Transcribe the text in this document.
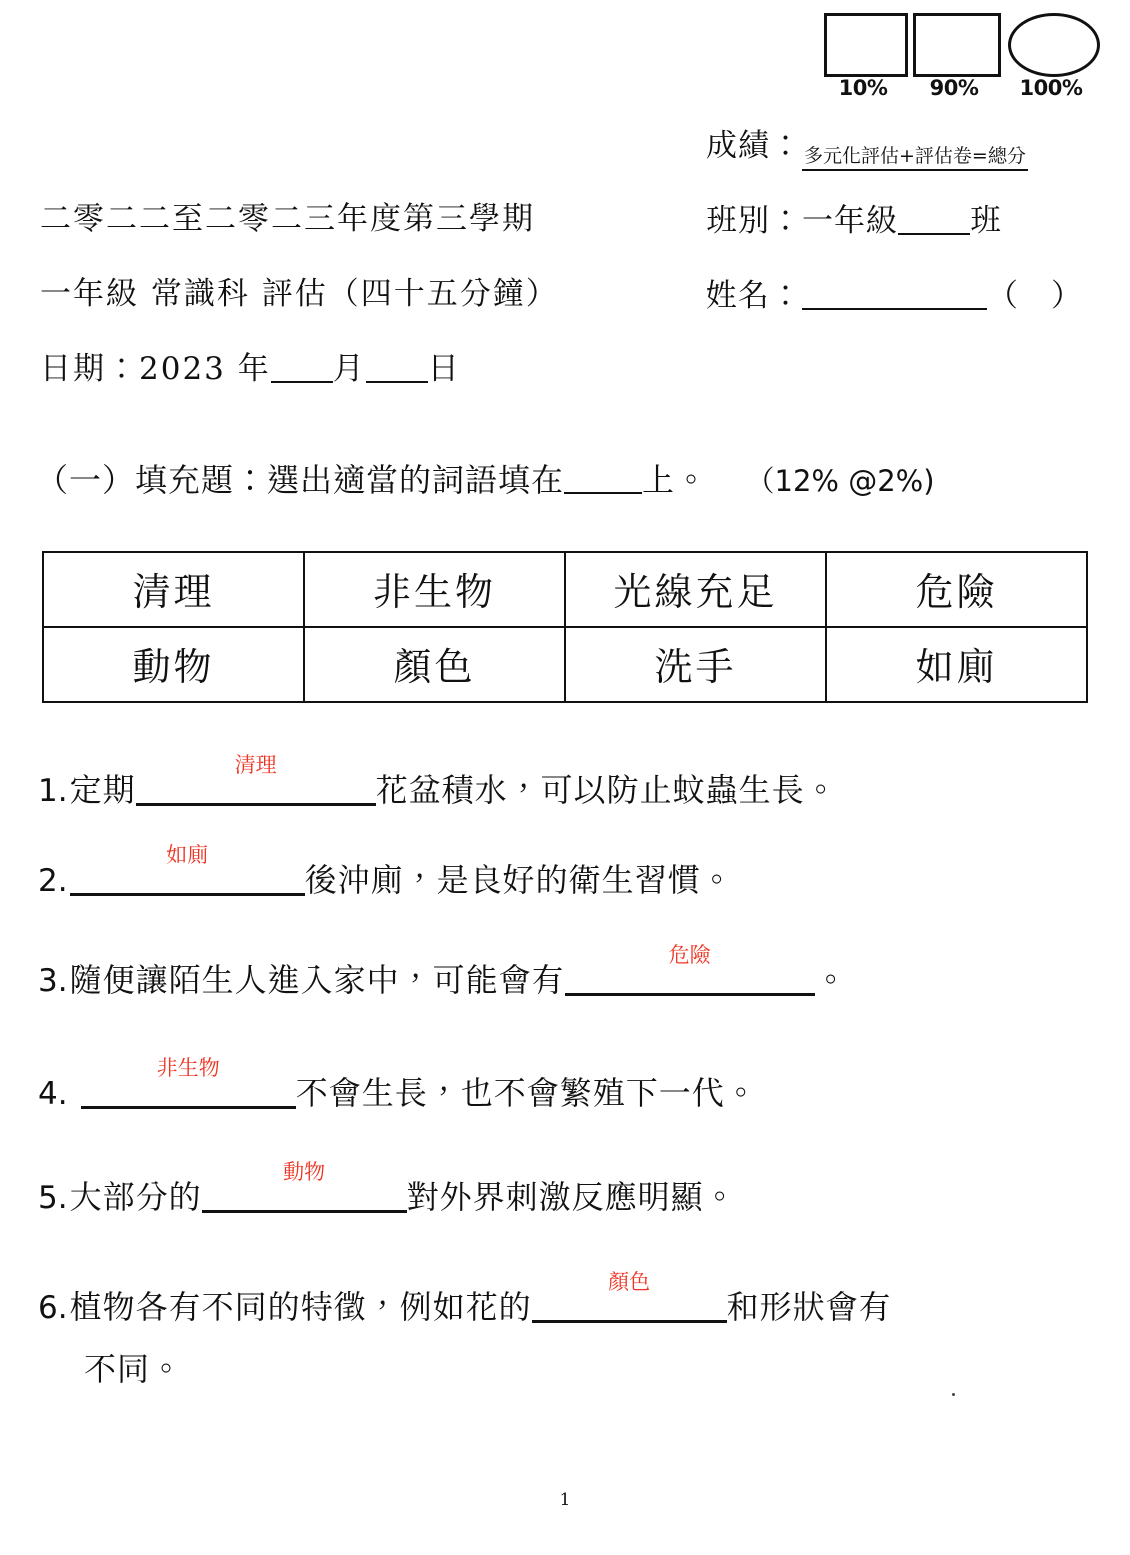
10%	90%	100%
成績： 多元化評估+評估卷=總分
班別：一年級 班
姓名：	（　）
二零二二至二零二三年度第三學期
一年級 常識科 評估（四十五分鐘）
日期：2023 年 月 日
（一）填充題：選出適當的詞語填在 上。 （12% @2%)
清理	非生物	光線充足	危險
動物	顏色	洗手	如廁
1.定期
清理
花盆積水，可以防止蚊蟲生長。
2.
如廁
後沖廁，是良好的衛生習慣。
3.隨便讓陌生人進入家中，可能會有
危險
。
4.
非生物
不會生長，也不會繁殖下一代。
5.大部分的
動物
對外界刺激反應明顯。
6.植物各有不同的特徵，例如花的
顏色
和形狀會有
不同。
1
